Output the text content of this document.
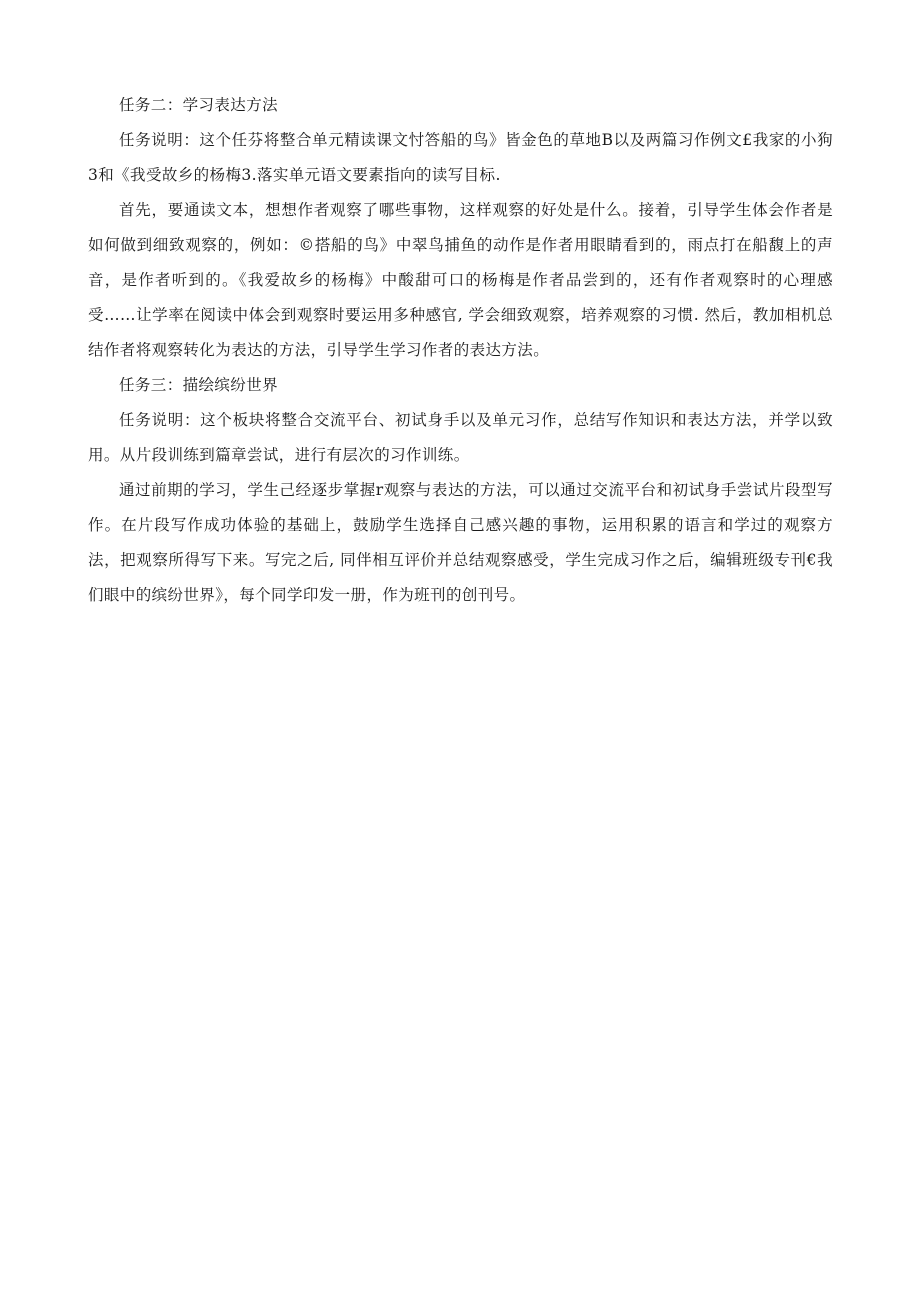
任务二：学习表达方法

任务说明：这个任芬将整合单元精读课文忖答船的鸟》皆金色的草地B以及两篇习作例文£我家的小狗3和《我受故乡的杨梅3.落实单元语文要素指向的读写目标.

首先，要通读文本，想想作者观察了哪些事物，这样观察的好处是什么。接着，引导学生体会作者是如何做到细致观察的，例如：©搭船的鸟》中翠鸟捕鱼的动作是作者用眼睛看到的，雨点打在船馥上的声音，是作者听到的。《我爱故乡的杨梅》中酸甜可口的杨梅是作者品尝到的，还有作者观察时的心理感受……让学率在阅读中体会到观察时要运用多种感官, 学会细致观察，培养观察的习惯. 然后，教加相机总结作者将观察转化为表达的方法，引导学生学习作者的表达方法。

任务三：描绘缤纷世界

任务说明：这个板块将整合交流平台、初试身手以及单元习作，总结写作知识和表达方法，并学以致用。从片段训练到篇章尝试，进行有层次的习作训练。

通过前期的学习，学生己经逐步掌握r观察与表达的方法，可以通过交流平台和初试身手尝试片段型写作。在片段写作成功体验的基础上，鼓励学生选择自己感兴趣的事物，运用积累的语言和学过的观察方法，把观察所得写下来。写完之后, 同伴相互评价并总结观察感受，学生完成习作之后，编辑班级专刊€我们眼中的缤纷世界》，每个同学印发一册，作为班刊的创刊号。
